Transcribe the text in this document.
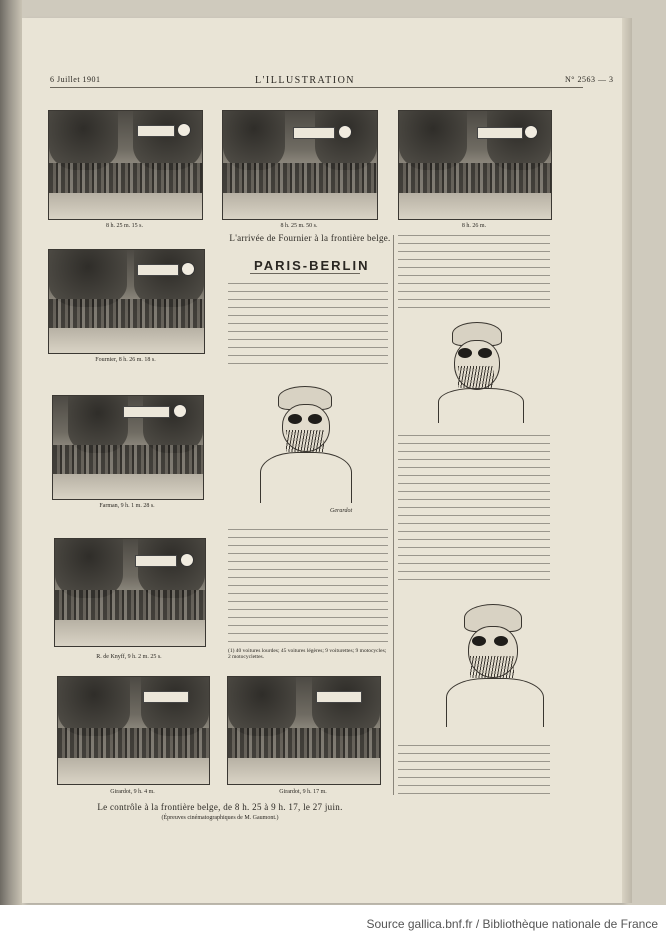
6 Juillet 1901	L'ILLUSTRATION	N° 2563 — 3
8 h. 25 m. 15 s.	8 h. 25 m. 50 s.	8 h. 26 m.
L'arrivée de Fournier à la frontière belge.
Fournier, 8 h. 26 m. 18 s.
Farman, 9 h. 1 m. 28 s.
R. de Knyff, 9 h. 2 m. 25 s.
Girardot, 9 h. 4 m.	Girardot, 9 h. 17 m.
Le contrôle à la frontière belge, de 8 h. 25 à 9 h. 17, le 27 juin.
(Épreuves cinématographiques de M. Gaumont.)
PARIS-BERLIN
(1) 40 voitures lourdes; 45 voitures légères; 9 voiturettes; 9 motocycles; 2 motocyclettes.
Gerardot
Source gallica.bnf.fr / Bibliothèque nationale de France
